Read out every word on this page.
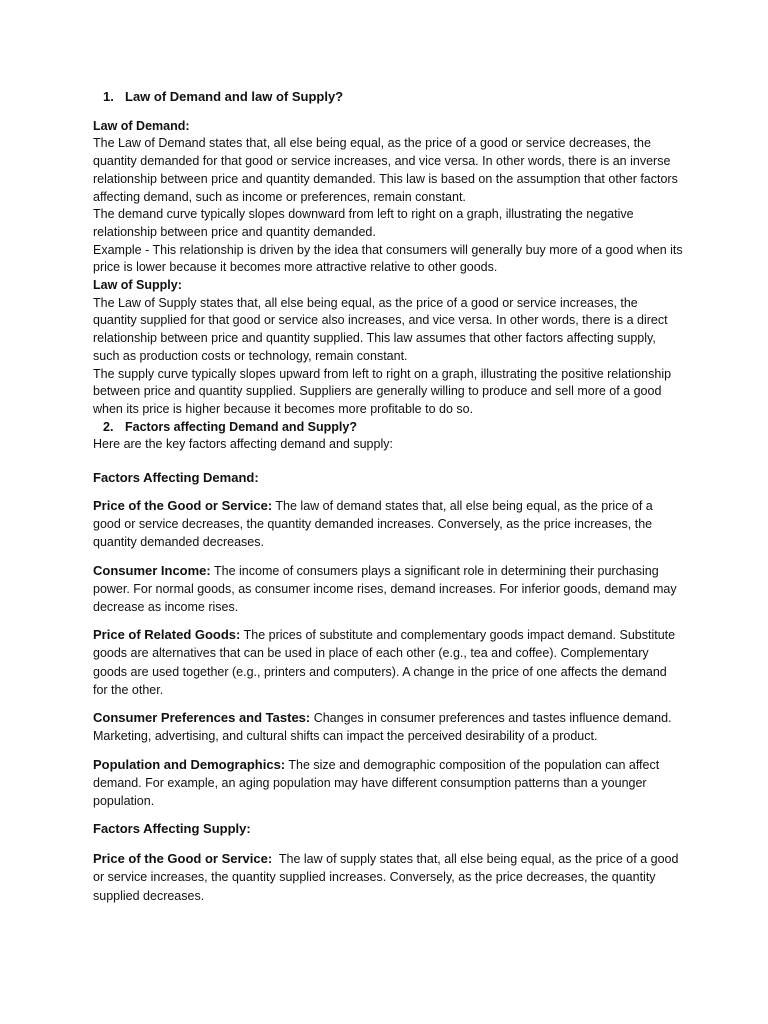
1. Law of Demand and law of Supply?
Law of Demand:

The Law of Demand states that, all else being equal, as the price of a good or service decreases, the quantity demanded for that good or service increases, and vice versa. In other words, there is an inverse relationship between price and quantity demanded. This law is based on the assumption that other factors affecting demand, such as income or preferences, remain constant.

The demand curve typically slopes downward from left to right on a graph, illustrating the negative relationship between price and quantity demanded.

Example - This relationship is driven by the idea that consumers will generally buy more of a good when its price is lower because it becomes more attractive relative to other goods.

Law of Supply:

The Law of Supply states that, all else being equal, as the price of a good or service increases, the quantity supplied for that good or service also increases, and vice versa. In other words, there is a direct relationship between price and quantity supplied. This law assumes that other factors affecting supply, such as production costs or technology, remain constant.

The supply curve typically slopes upward from left to right on a graph, illustrating the positive relationship between price and quantity supplied. Suppliers are generally willing to produce and sell more of a good when its price is higher because it becomes more profitable to do so.

2. Factors affecting Demand and Supply?

Here are the key factors affecting demand and supply:

Factors Affecting Demand:

Price of the Good or Service: The law of demand states that, all else being equal, as the price of a good or service decreases, the quantity demanded increases. Conversely, as the price increases, the quantity demanded decreases.

Consumer Income: The income of consumers plays a significant role in determining their purchasing power. For normal goods, as consumer income rises, demand increases. For inferior goods, demand may decrease as income rises.

Price of Related Goods: The prices of substitute and complementary goods impact demand. Substitute goods are alternatives that can be used in place of each other (e.g., tea and coffee). Complementary goods are used together (e.g., printers and computers). A change in the price of one affects the demand for the other.

Consumer Preferences and Tastes: Changes in consumer preferences and tastes influence demand. Marketing, advertising, and cultural shifts can impact the perceived desirability of a product.

Population and Demographics: The size and demographic composition of the population can affect demand. For example, an aging population may have different consumption patterns than a younger population.

Factors Affecting Supply:

Price of the Good or Service:  The law of supply states that, all else being equal, as the price of a good or service increases, the quantity supplied increases. Conversely, as the price decreases, the quantity supplied decreases.
